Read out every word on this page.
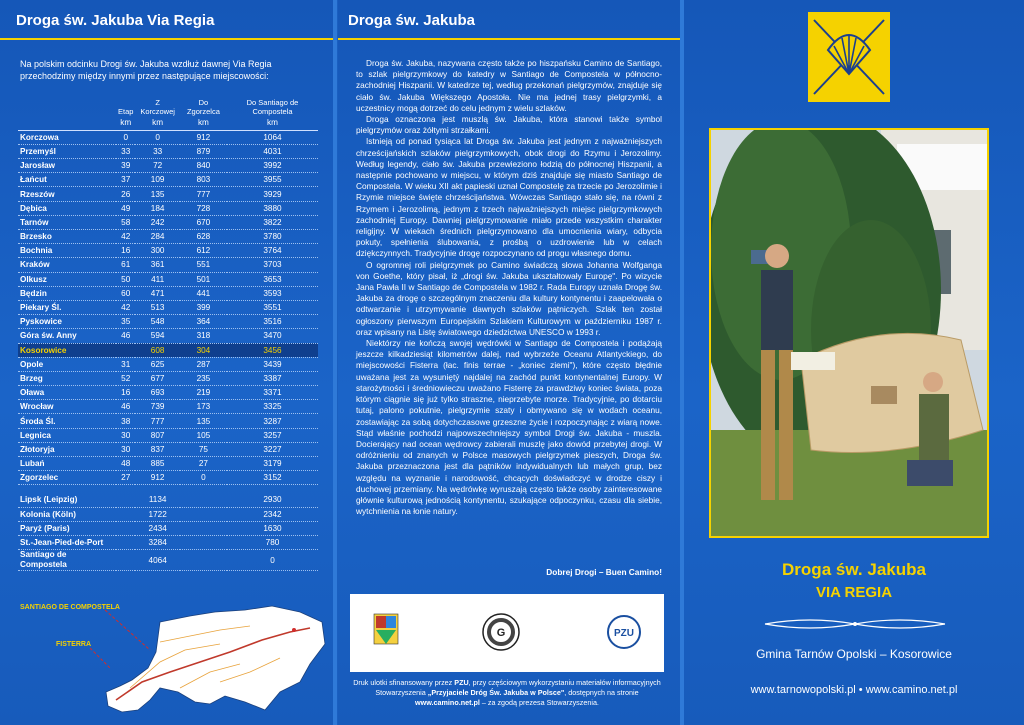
Droga św. Jakuba Via Regia
Na polskim odcinku Drogi św. Jakuba wzdłuż dawnej Via Regia przechodzimy między innymi przez następujące miejscowości:
	Etap	Z Korczowej	Do Zgorzelca	Do Santiago de Compostela
	km	km	km	km
Korczowa	0	0	912	1064
Przemyśl	33	33	879	4031
Jarosław	39	72	840	3992
Łańcut	37	109	803	3955
Rzeszów	26	135	777	3929
Dębica	49	184	728	3880
Tarnów	58	242	670	3822
Brzesko	42	284	628	3780
Bochnia	16	300	612	3764
Kraków	61	361	551	3703
Olkusz	50	411	501	3653
Będzin	60	471	441	3593
Piekary Śl.	42	513	399	3551
Pyskowice	35	548	364	3516
Góra św. Anny	46	594	318	3470
Kosorowice		608	304	3456
Opole	31	625	287	3439
Brzeg	52	677	235	3387
Oława	16	693	219	3371
Wrocław	46	739	173	3325
Środa Śl.	38	777	135	3287
Legnica	30	807	105	3257
Złotoryja	30	837	75	3227
Lubań	48	885	27	3179
Zgorzelec	27	912	0	3152

Lipsk (Leipzig)		1134		2930
Kolonia (Köln)		1722		2342
Paryż (Paris)		2434		1630
St.-Jean-Pied-de-Port		3284		780
Santiago de Compostela		4064		0
SANTIAGO DE COMPOSTELA
FISTERRA
Droga św. Jakuba

Droga św. Jakuba, nazywana często także po hiszpańsku Camino de Santiago, to szlak pielgrzymkowy do katedry w Santiago de Compostela w północno-zachodniej Hiszpanii. W katedrze tej, według przekonań pielgrzymów, znajduje się ciało św. Jakuba Większego Apostoła. Nie ma jednej trasy pielgrzymki, a uczestnicy mogą dotrzeć do celu jednym z wielu szlaków.

Droga oznaczona jest muszlą św. Jakuba, która stanowi także symbol pielgrzymów oraz żółtymi strzałkami.

Istnieją od ponad tysiąca lat Droga św. Jakuba jest jednym z najważniejszych chrześcijańskich szlaków pielgrzymkowych, obok drogi do Rzymu i Jerozolimy. Według legendy, ciało św. Jakuba przewieziono łodzią do północnej Hiszpanii, a następnie pochowano w miejscu, w którym dziś znajduje się miasto Santiago de Compostela. W wieku XII akt papieski uznał Compostelę za trzecie po Jerozolimie i Rzymie miejsce święte chrześcijaństwa. Wówczas Santiago stało się, na równi z Rzymem i Jerozolimą, jednym z trzech najważniejszych miejsc pielgrzymkowych zachodniej Europy. Dawniej pielgrzymowanie miało przede wszystkim charakter religijny. W wiekach średnich pielgrzymowano dla umocnienia wiary, odbycia pokuty, spełnienia ślubowania, z prośbą o uzdrowienie lub w celach dziękczynnych. Tradycyjnie drogę rozpoczynano od progu własnego domu.

O ogromnej roli pielgrzymek po Camino świadczą słowa Johanna Wolfganga von Goethe, który pisał, iż „drogi św. Jakuba ukształtowały Europę". Po wizycie Jana Pawła II w Santiago de Compostela w 1982 r. Rada Europy uznała Drogę św. Jakuba za drogę o szczególnym znaczeniu dla kultury kontynentu i zaapelowała o odtwarzanie i utrzymywanie dawnych szlaków pątniczych. Szlak ten został ogłoszony pierwszym Europejskim Szlakiem Kulturowym w październiku 1987 r. oraz wpisany na Listę światowego dziedzictwa UNESCO w 1993 r.

Niektórzy nie kończą swojej wędrówki w Santiago de Compostela i podążają jeszcze kilkadziesiąt kilometrów dalej, nad wybrzeże Oceanu Atlantyckiego, do miejscowości Fisterra (łac. finis terrae - „koniec ziemi"), które często błędnie uważana jest za wysuniętý najdalej na zachód punkt kontynentalnej Europy. W starożytności i średniowieczu uważano Fisterrę za prawdziwy koniec świata, poza którym ciągnie się już tylko straszne, nieprzebyte morze. Tradycyjnie, po dotarciu tutaj, palono pokutnie, pielgrzymie szaty i obmywano się w wodach oceanu, zostawiając za sobą dotychczasowe grzeszne życie i rozpoczynając z wiarą nowe. Stąd właśnie pochodzi najpowszechniejszy symbol Drogi św. Jakuba - muszla. Docierający nad ocean wędrowcy zabierali muszlę jako dowód przebytej drogi. W odróżnieniu od znanych w Polsce masowych pielgrzymek pieszych, Droga św. Jakuba przeznaczona jest dla pątników indywidualnych lub małych grup, bez względu na wyznanie i narodowość, chcących doświadczyć w drodze ciszy i duchowej przemiany. Na wędrówkę wyruszają często także osoby zainteresowane głównie kulturową jednością kontynentu, szukające odpoczynku, czasu dla siebie, wytchnienia na łonie natury.

Dobrej Drogi – Buen Camino!
G	PZU
Druk ulotki sfinansowany przez PZU, przy częściowym wykorzystaniu materiałów informacyjnych Stowarzyszenia „Przyjaciele Dróg Św. Jakuba w Polsce", dostępnych na stronie www.camino.net.pl – za zgodą prezesa Stowarzyszenia.
Droga św. Jakuba
VIA REGIA
Gmina Tarnów Opolski – Kosorowice
www.tarnowopolski.pl • www.camino.net.pl
